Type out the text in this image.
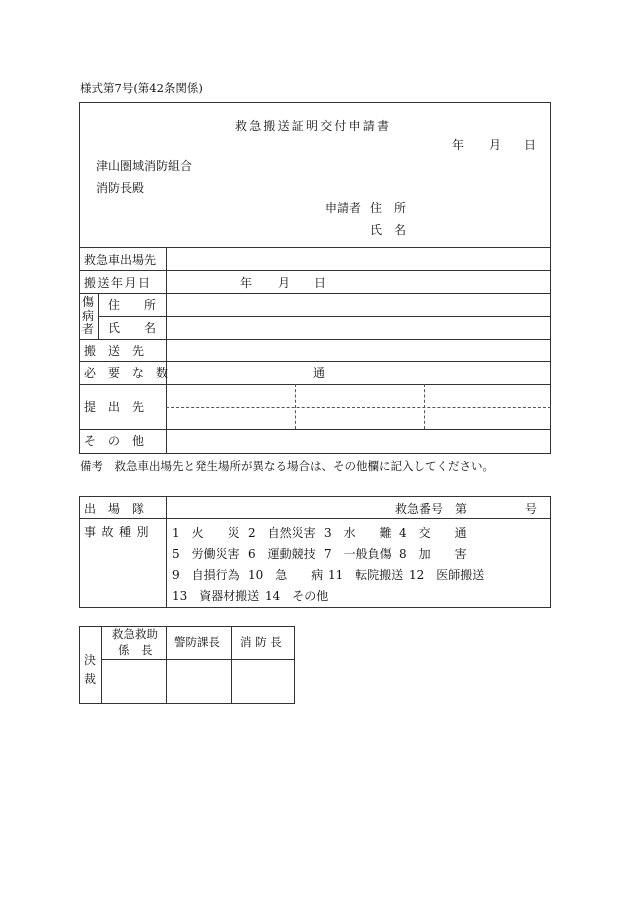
様式第7号(第42条関係)
救急搬送証明交付申請書
年 月 日
津山圏域消防組合
消防長殿
申請者 住　所
氏　名
救急車出場先
搬送年月日
傷病者
住　　所
氏　　名
搬　送　先
必　要　な　数
提　出　先
そ　の　他
年 月 日
通
備考　救急車出場先と発生場所が異なる場合は、その他欄に記入してください。
出　場　隊	救急番号　第	号
事故種別 1　火　　災 2　自然災害 3　水　　難 4　交　　通
5　労働災害 6　運動競技 7　一般負傷 8　加　　害
9　自損行為 10　急　　病 11　転院搬送 12　医師搬送
13　資器材搬送 14　その他
決裁
救急救助
係　長
警防課長 消 防 長
